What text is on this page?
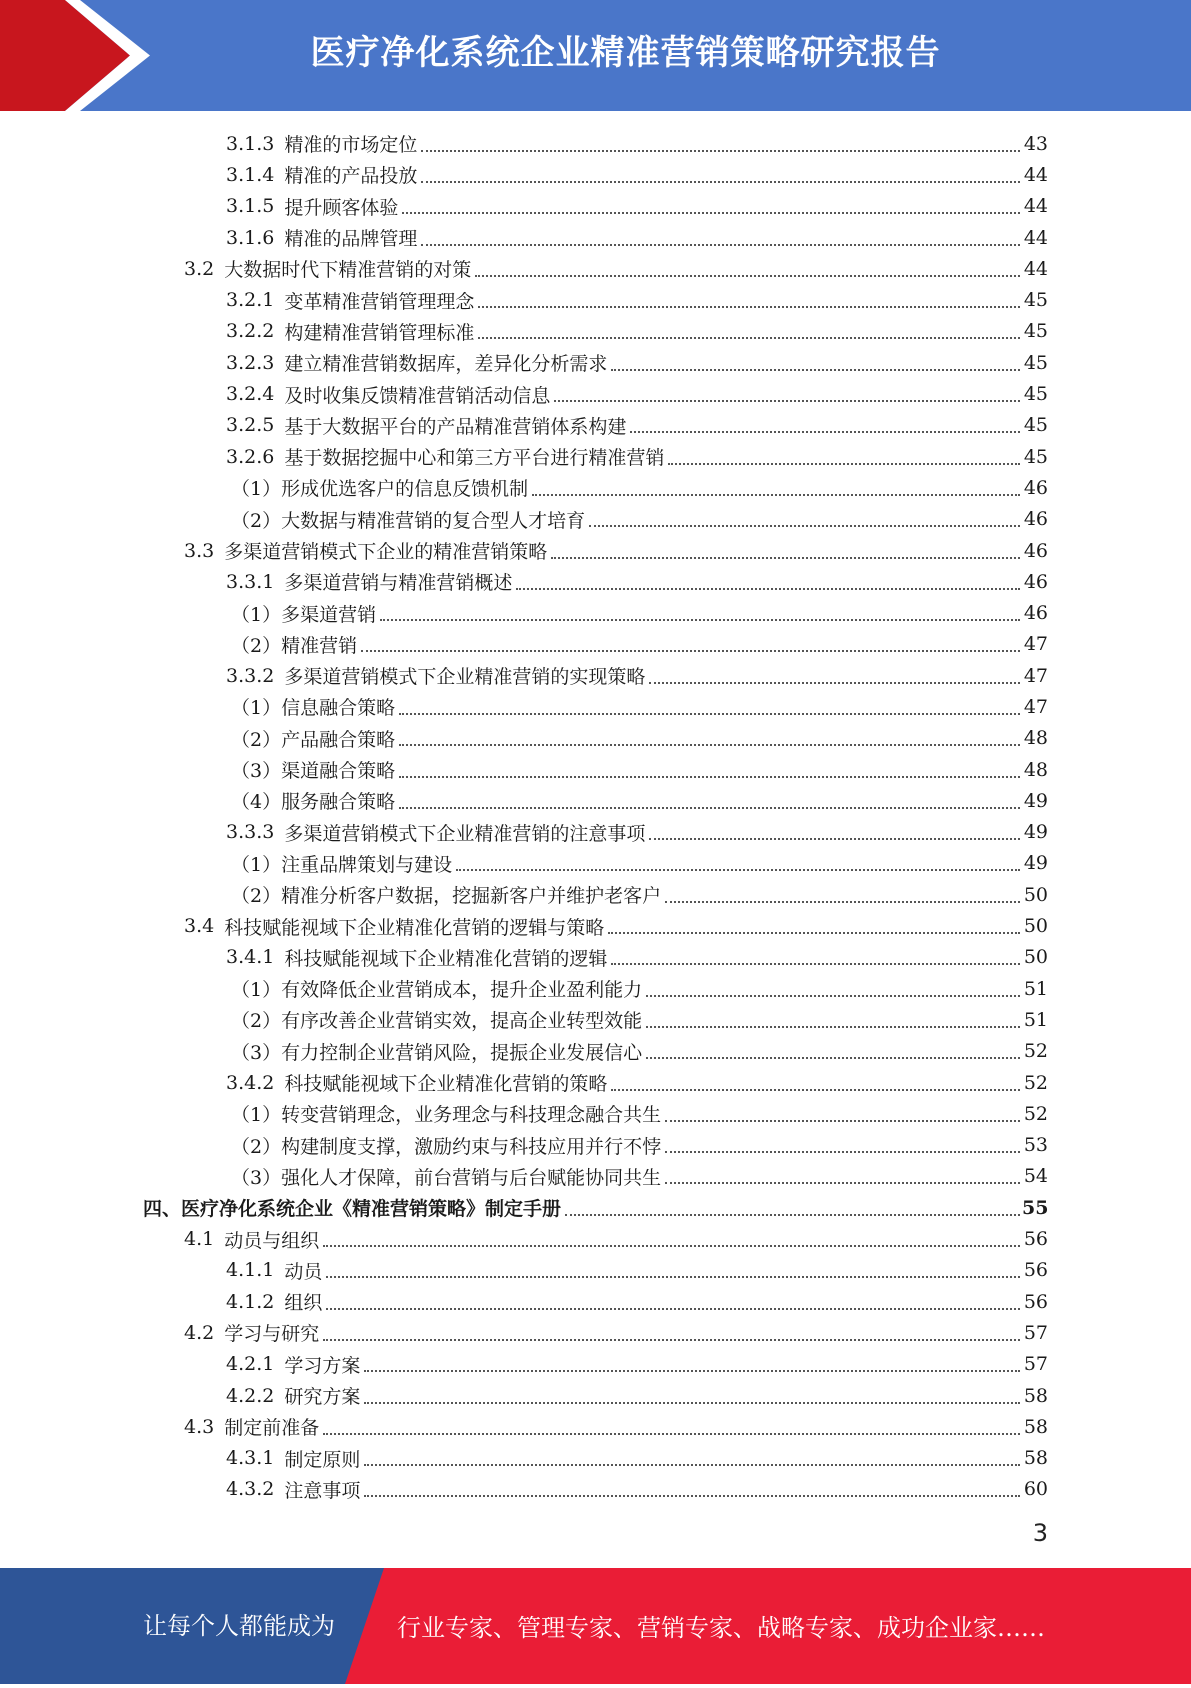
医疗净化系统企业精准营销策略研究报告
3.1.3 精准的市场定位	43
3.1.4 精准的产品投放	44
3.1.5 提升顾客体验	44
3.1.6 精准的品牌管理	44
3.2 大数据时代下精准营销的对策	44
3.2.1 变革精准营销管理理念	45
3.2.2 构建精准营销管理标准	45
3.2.3 建立精准营销数据库，差异化分析需求	45
3.2.4 及时收集反馈精准营销活动信息	45
3.2.5 基于大数据平台的产品精准营销体系构建	45
3.2.6 基于数据挖掘中心和第三方平台进行精准营销	45
（1）形成优选客户的信息反馈机制	46
（2）大数据与精准营销的复合型人才培育	46
3.3 多渠道营销模式下企业的精准营销策略	46
3.3.1 多渠道营销与精准营销概述	46
（1）多渠道营销	46
（2）精准营销	47
3.3.2 多渠道营销模式下企业精准营销的实现策略	47
（1）信息融合策略	47
（2）产品融合策略	48
（3）渠道融合策略	48
（4）服务融合策略	49
3.3.3 多渠道营销模式下企业精准营销的注意事项	49
（1）注重品牌策划与建设	49
（2）精准分析客户数据，挖掘新客户并维护老客户	50
3.4 科技赋能视域下企业精准化营销的逻辑与策略	50
3.4.1 科技赋能视域下企业精准化营销的逻辑	50
（1）有效降低企业营销成本，提升企业盈利能力	51
（2）有序改善企业营销实效，提高企业转型效能	51
（3）有力控制企业营销风险，提振企业发展信心	52
3.4.2 科技赋能视域下企业精准化营销的策略	52
（1）转变营销理念，业务理念与科技理念融合共生	52
（2）构建制度支撑，激励约束与科技应用并行不悖	53
（3）强化人才保障，前台营销与后台赋能协同共生	54
四、医疗净化系统企业《精准营销策略》制定手册	55
4.1 动员与组织	56
4.1.1 动员	56
4.1.2 组织	56
4.2 学习与研究	57
4.2.1 学习方案	57
4.2.2 研究方案	58
4.3 制定前准备	58
4.3.1 制定原则	58
4.3.2 注意事项	60
3
让每个人都能成为	行业专家、管理专家、营销专家、战略专家、成功企业家……
